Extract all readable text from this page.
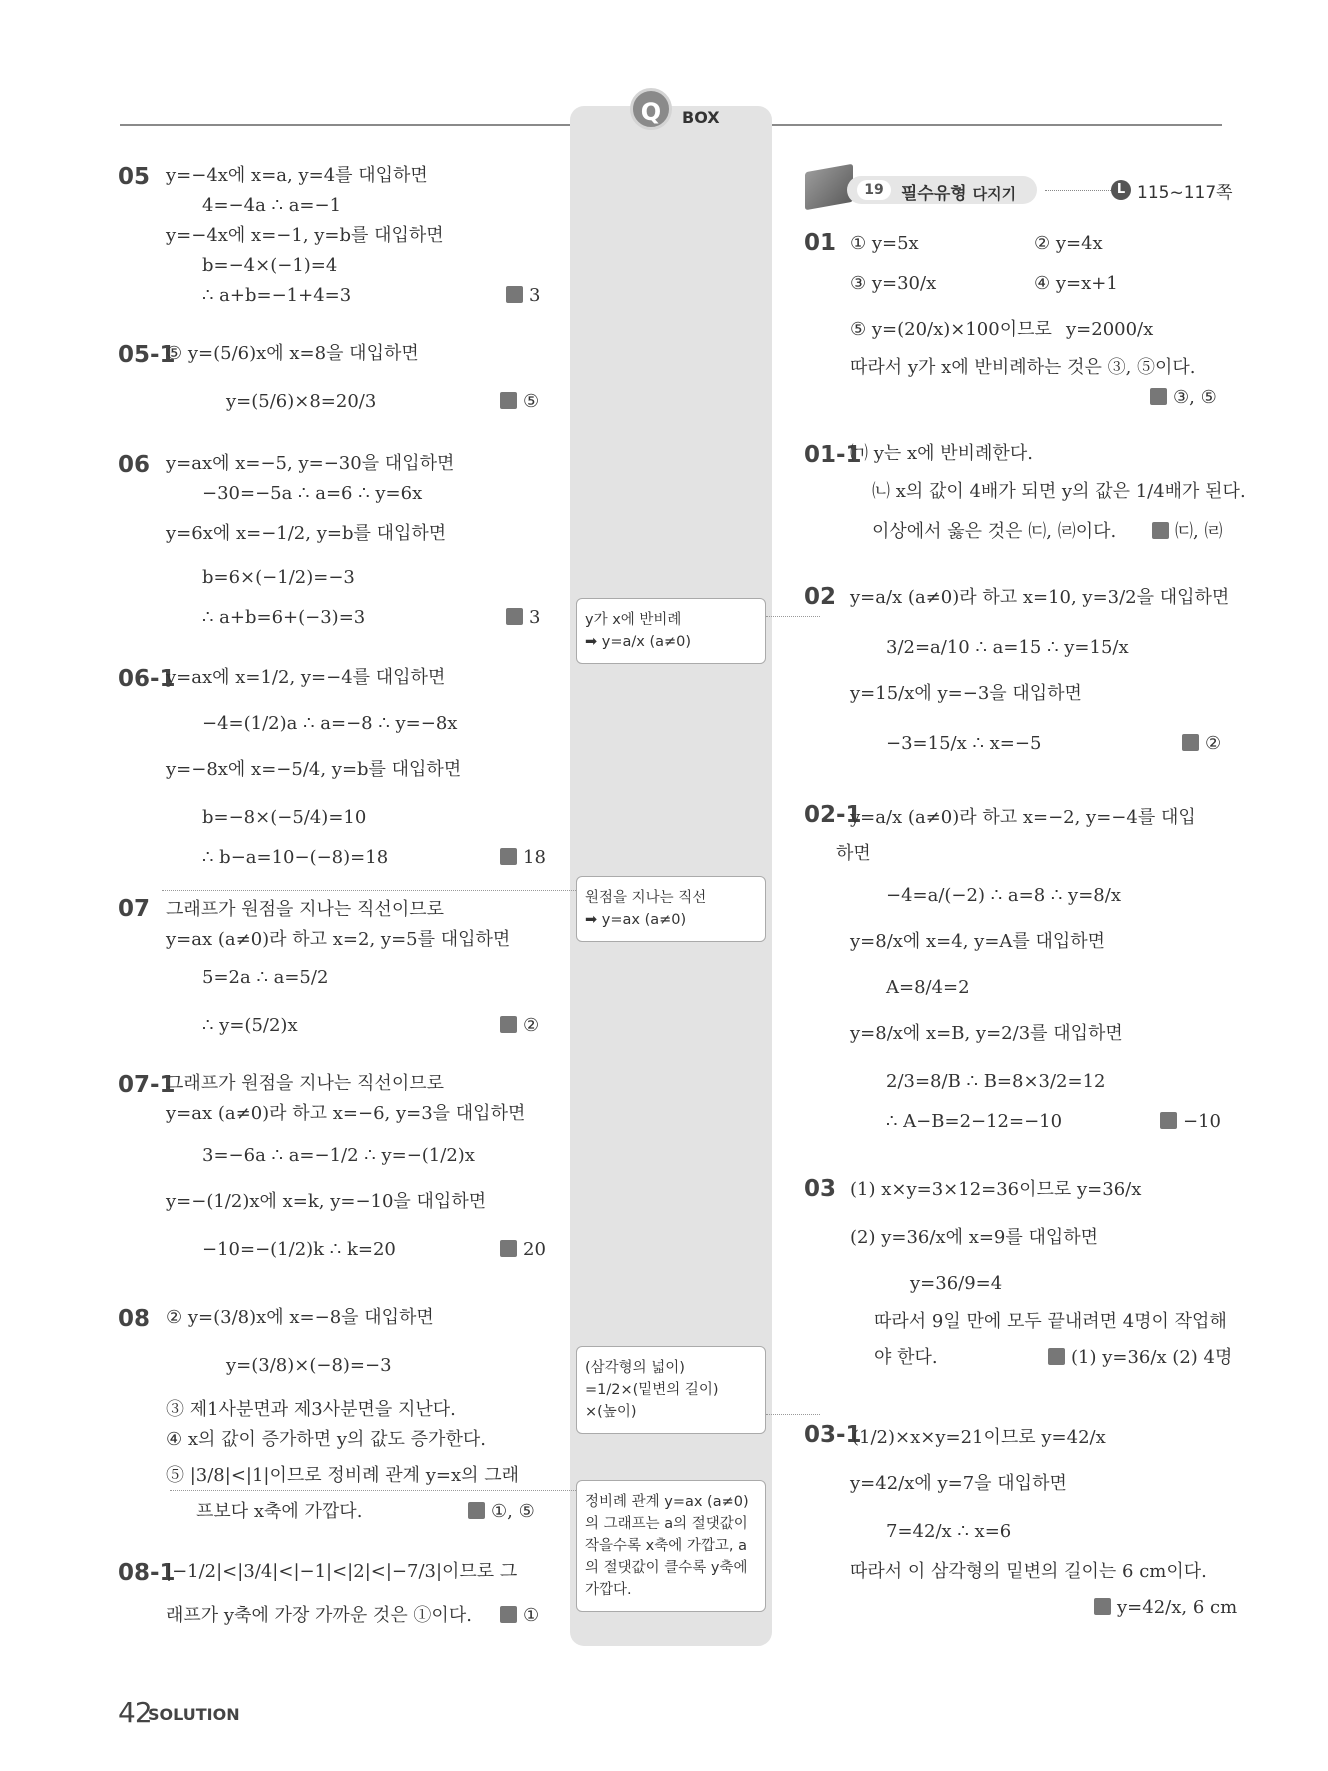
Q	BOX
19	필수유형 다지기	L 115~117쪽
05 y=−4x에 x=a, y=4를 대입하면
4=−4a ∴ a=−1
y=−4x에 x=−1, y=b를 대입하면
b=−4×(−1)=4
∴ a+b=−1+4=3	3
05-1
⑤ y=(5/6)x에 x=8을 대입하면
y=(5/6)×8=20/3	⑤
06 y=ax에 x=−5, y=−30을 대입하면
−30=−5a ∴ a=6 ∴ y=6x
y=6x에 x=−1/2, y=b를 대입하면
b=6×(−1/2)=−3
∴ a+b=6+(−3)=3	3
06-1
y=ax에 x=1/2, y=−4를 대입하면
−4=(1/2)a ∴ a=−8 ∴ y=−8x
y=−8x에 x=−5/4, y=b를 대입하면
b=−8×(−5/4)=10
∴ b−a=10−(−8)=18	18
07 그래프가 원점을 지나는 직선이므로
y=ax (a≠0)라 하고 x=2, y=5를 대입하면
5=2a ∴ a=5/2
∴ y=(5/2)x	②
07-1
그래프가 원점을 지나는 직선이므로
y=ax (a≠0)라 하고 x=−6, y=3을 대입하면
3=−6a ∴ a=−1/2 ∴ y=−(1/2)x
y=−(1/2)x에 x=k, y=−10을 대입하면
−10=−(1/2)k ∴ k=20	20
08 ② y=(3/8)x에 x=−8을 대입하면
y=(3/8)×(−8)=−3
③ 제1사분면과 제3사분면을 지난다.
④ x의 값이 증가하면 y의 값도 증가한다.
⑤ |3/8|<|1|이므로 정비례 관계 y=x의 그래
프보다 x축에 가깝다.	①, ⑤
08-1
|−1/2|<|3/4|<|−1|<|2|<|−7/3|이므로 그
래프가 y축에 가장 가까운 것은 ①이다.	①
y가 x에 반비례
➡ y=a/x (a≠0)
원점을 지나는 직선
➡ y=ax (a≠0)
(삼각형의 넓이)
=1/2×(밑변의 길이)
×(높이)
정비례 관계 y=ax (a≠0)
의 그래프는 a의 절댓값이
작을수록 x축에 가깝고, a
의 절댓값이 클수록 y축에
가깝다.
01 ① y=5x	② y=4x
③ y=30/x	④ y=x+1
⑤ y=(20/x)×100이므로 y=2000/x
따라서 y가 x에 반비례하는 것은 ③, ⑤이다.
③, ⑤
01-1
㈀ y는 x에 반비례한다.
㈁ x의 값이 4배가 되면 y의 값은 1/4배가 된다.
이상에서 옳은 것은 ㈂, ㈃이다.	㈂, ㈃
02 y=a/x (a≠0)라 하고 x=10, y=3/2을 대입하면
3/2=a/10 ∴ a=15 ∴ y=15/x
y=15/x에 y=−3을 대입하면
−3=15/x ∴ x=−5	②
02-1
y=a/x (a≠0)라 하고 x=−2, y=−4를 대입
하면
−4=a/(−2) ∴ a=8 ∴ y=8/x
y=8/x에 x=4, y=A를 대입하면
A=8/4=2
y=8/x에 x=B, y=2/3를 대입하면
2/3=8/B ∴ B=8×3/2=12
∴ A−B=2−12=−10	−10
03 (1) x×y=3×12=36이므로 y=36/x
(2) y=36/x에 x=9를 대입하면
y=36/9=4
따라서 9일 만에 모두 끝내려면 4명이 작업해
야 한다.	(1) y=36/x (2) 4명
03-1
(1/2)×x×y=21이므로 y=42/x
y=42/x에 y=7을 대입하면
7=42/x ∴ x=6
따라서 이 삼각형의 밑변의 길이는 6 cm이다.
y=42/x, 6 cm
42
SOLUTION
